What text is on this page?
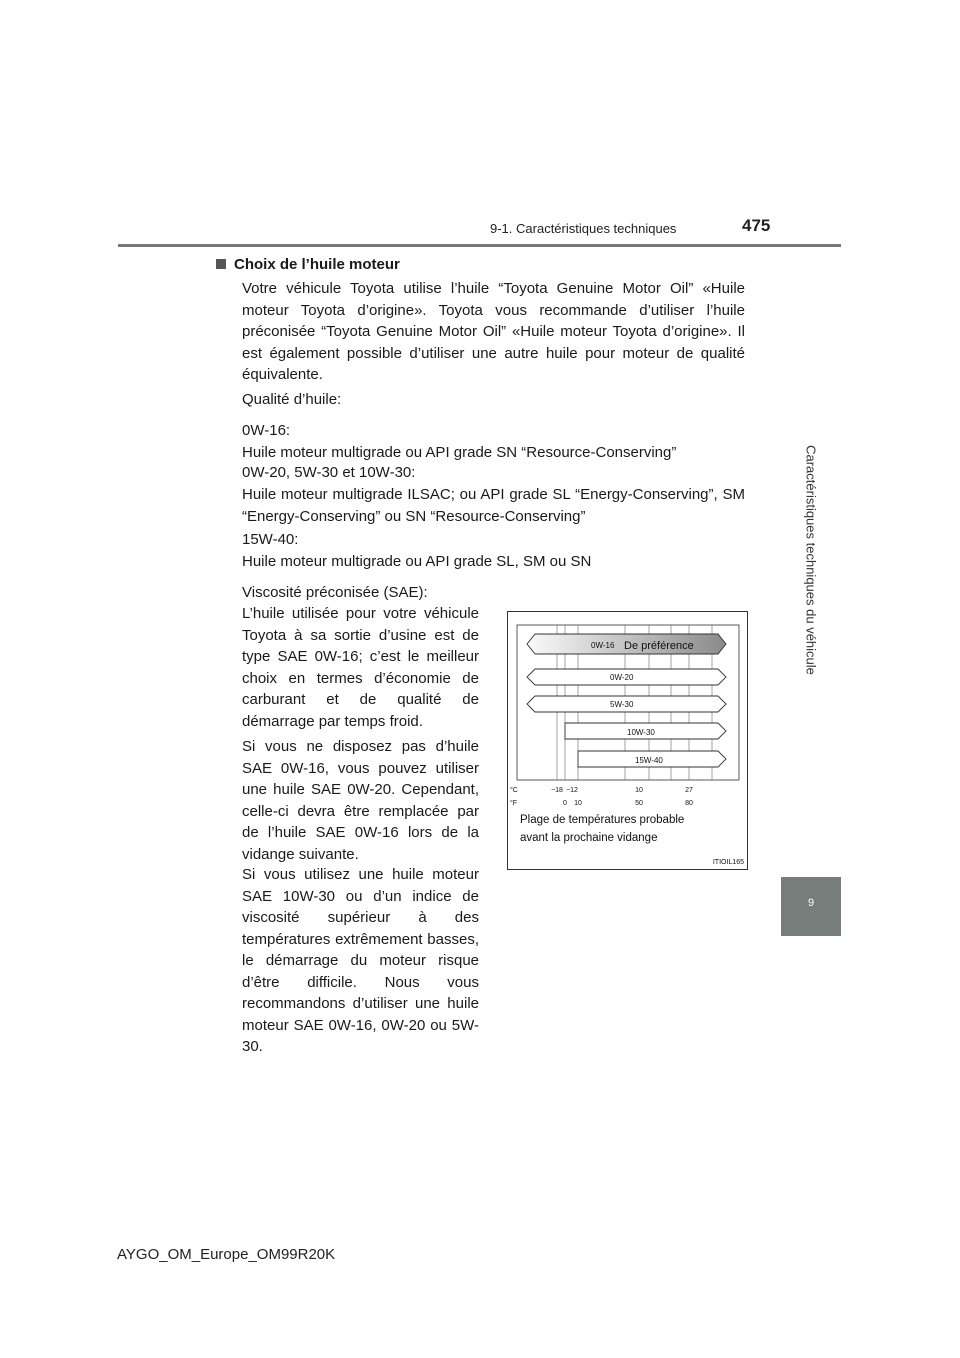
9-1. Caractéristiques techniques	475
Caractéristiques techniques du véhicule
9
Choix de l’huile moteur
Votre véhicule Toyota utilise l’huile “Toyota Genuine Motor Oil” «Huile moteur Toyota d’origine». Toyota vous recommande d’utiliser l’huile préconisée “Toyota Genuine Motor Oil” «Huile moteur Toyota d’origine». Il est également possible d’utiliser une autre huile pour moteur de qualité équivalente.
Qualité d’huile:
0W-16:
Huile moteur multigrade ou API grade SN “Resource-Conserving”
0W-20, 5W-30 et 10W-30:
Huile moteur multigrade ILSAC; ou API grade SL “Energy-Conserving”, SM “Energy-Conserving” ou SN “Resource-Conserving”
15W-40:
Huile moteur multigrade ou API grade SL, SM ou SN
Viscosité préconisée (SAE):
L’huile utilisée pour votre véhicule Toyota à sa sortie d’usine est de type SAE 0W-16; c’est le meilleur choix en termes d’économie de carburant et de qualité de démarrage par temps froid.
Si vous ne disposez pas d’huile SAE 0W-16, vous pouvez utiliser une huile SAE 0W-20. Cependant, celle-ci devra être remplacée par de l’huile SAE 0W-16 lors de la vidange suivante.
Si vous utilisez une huile moteur SAE 10W-30 ou d’un indice de viscosité supérieur à des températures extrêmement basses, le démarrage du moteur risque d’être difficile. Nous vous recommandons d’utiliser une huile moteur SAE 0W-16, 0W-20 ou 5W-30.
0W-16 De préférence
0W-20
5W-30
10W-30
15W-40
°C	−18 −12	10	27
°F	0 10	50	80
Plage de températures probable
avant la prochaine vidange
ITIOIL165
AYGO_OM_Europe_OM99R20K
